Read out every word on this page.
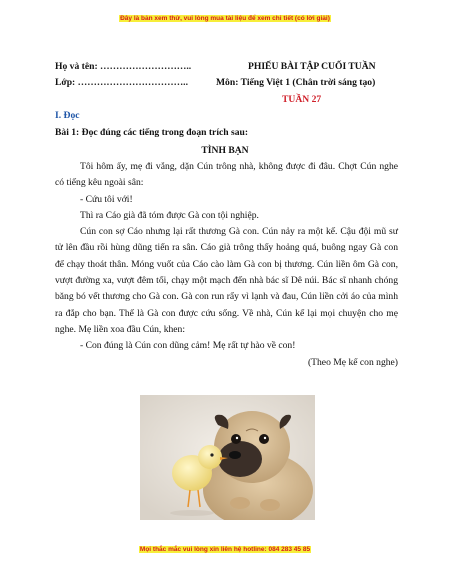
Đây là bản xem thử, vui lòng mua tài liệu để xem chi tiết (có lời giải)
Họ và tên: ………………………..
Lớp: ……………………………..
PHIẾU BÀI TẬP CUỐI TUẦN
Môn: Tiếng Việt 1 (Chân trời sáng tạo)
TUẦN 27
I. Đọc
Bài 1: Đọc đúng các tiếng trong đoạn trích sau:
TÌNH BẠN

Tôi hôm ấy, mẹ đi vắng, dặn Cún trông nhà, không được đi đâu. Chợt Cún nghe có tiếng kêu ngoài sân:

- Cứu tôi với!

Thì ra Cáo già đã tóm được Gà con tội nghiệp.

Cún con sợ Cáo nhưng lại rất thương Gà con. Cún nảy ra một kế. Cậu đội mũ sư tử lên đầu rồi hùng dũng tiến ra sân. Cáo già trông thấy hoảng quá, buông ngay Gà con để chạy thoát thân. Móng vuốt của Cáo cào làm Gà con bị thương. Cún liền ôm Gà con, vượt đường xa, vượt đêm tối, chạy một mạch đến nhà bác sĩ Dê núi. Bác sĩ nhanh chóng băng bó vết thương cho Gà con. Gà con run rẩy vì lạnh và đau, Cún liền cởi áo của mình ra đắp cho bạn. Thế là Gà con được cứu sống. Về nhà, Cún kể lại mọi chuyện cho mẹ nghe. Mẹ liền xoa đầu Cún, khen:

- Con đúng là Cún con dũng cảm! Mẹ rất tự hào về con!

(Theo Mẹ kể con nghe)

Mọi thắc mắc vui lòng xin liên hệ hotline: 084 283 45 85
